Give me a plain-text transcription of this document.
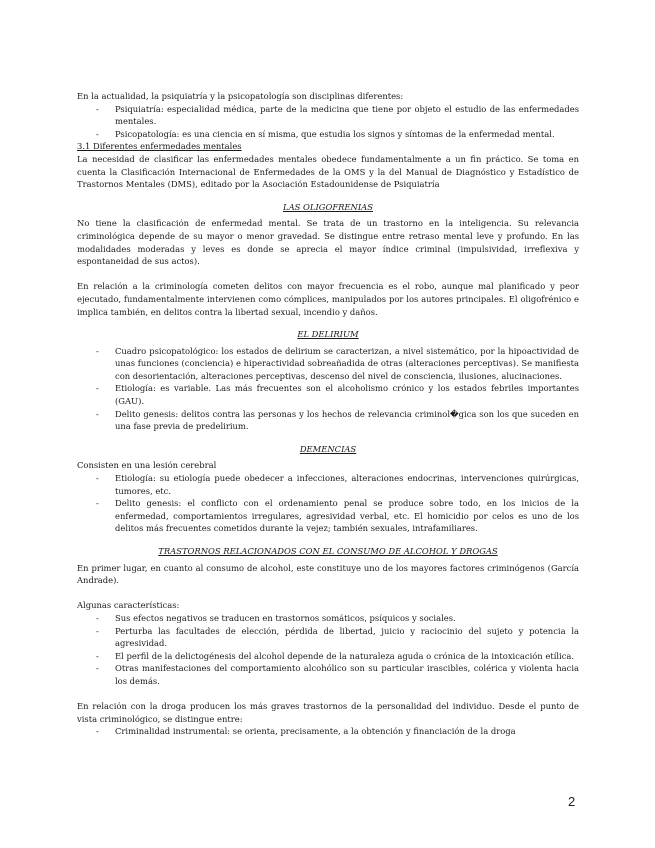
En la actualidad, la psiquiatría y la psicopatología son disciplinas diferentes:

- Psiquiatría: especialidad médica, parte de la medicina que tiene por objeto el estudio de las enfermedades mentales.
- Psicopatología: es una ciencia en sí misma, que estudia los signos y síntomas de la enfermedad mental.

3.1 Diferentes enfermedades mentales

La necesidad de clasificar las enfermedades mentales obedece fundamentalmente a un fin práctico. Se toma en cuenta la Clasificación Internacional de Enfermedades de la OMS y la del Manual de Diagnóstico y Estadístico de Trastornos Mentales (DMS), editado por la Asociación Estadounidense de Psiquiatría

LAS OLIGOFRENIAS

No tiene la clasificación de enfermedad mental. Se trata de un trastorno en la inteligencia. Su relevancia criminológica depende de su mayor o menor gravedad. Se distingue entre retraso mental leve y profundo. En las modalidades moderadas y leves es donde se aprecia el mayor índice criminal (impulsividad, irreflexiva y espontaneidad de sus actos).

En relación a la criminología cometen delitos con mayor frecuencia es el robo, aunque mal planificado y peor ejecutado, fundamentalmente intervienen como cómplices, manipulados por los autores principales. El oligofrénico e implica también, en delitos contra la libertad sexual, incendio y daños.

EL DELIRIUM

- Cuadro psicopatológico: los estados de delirium se caracterizan, a nivel sistemático, por la hipoactividad de unas funciones (conciencia) e hiperactividad sobreañadida de otras (alteraciones perceptivas). Se manifiesta con desorientación, alteraciones perceptivas, descenso del nivel de consciencia, ilusiones, alucinaciones.
- Etiología: es variable. Las más frecuentes son el alcoholismo crónico y los estados febriles importantes (GAU).
- Delito genesis: delitos contra las personas y los hechos de relevancia criminol�gica son los que suceden en una fase previa de predelirium.

DEMENCIAS

Consisten en una lesión cerebral

- Etiología: su etiología puede obedecer a infecciones, alteraciones endocrinas, intervenciones quirúrgicas, tumores, etc.
- Delito genesis: el conflicto con el ordenamiento penal se produce sobre todo, en los inicios de la enfermedad, comportamientos irregulares, agresividad verbal, etc. El homicidio por celos es uno de los delitos más frecuentes cometidos durante la vejez; también sexuales, intrafamiliares.

TRASTORNOS RELACIONADOS CON EL CONSUMO DE ALCOHOL Y DROGAS

En primer lugar, en cuanto al consumo de alcohol, este constituye uno de los mayores factores criminógenos (García Andrade).

Algunas características:

- Sus efectos negativos se traducen en trastornos somáticos, psíquicos y sociales.
- Perturba las facultades de elección, pérdida de libertad, juicio y raciocinio del sujeto y potencia la agresividad.
- El perfil de la delictogénesis del alcohol depende de la naturaleza aguda o crónica de la intoxicación etílica.
- Otras manifestaciones del comportamiento alcohólico son su particular irascibles, colérica y violenta hacia los demás.

En relación con la droga producen los más graves trastornos de la personalidad del individuo. Desde el punto de vista criminológico, se distingue entre:

- Criminalidad instrumental: se orienta, precisamente, a la obtención y financiación de la droga
2
